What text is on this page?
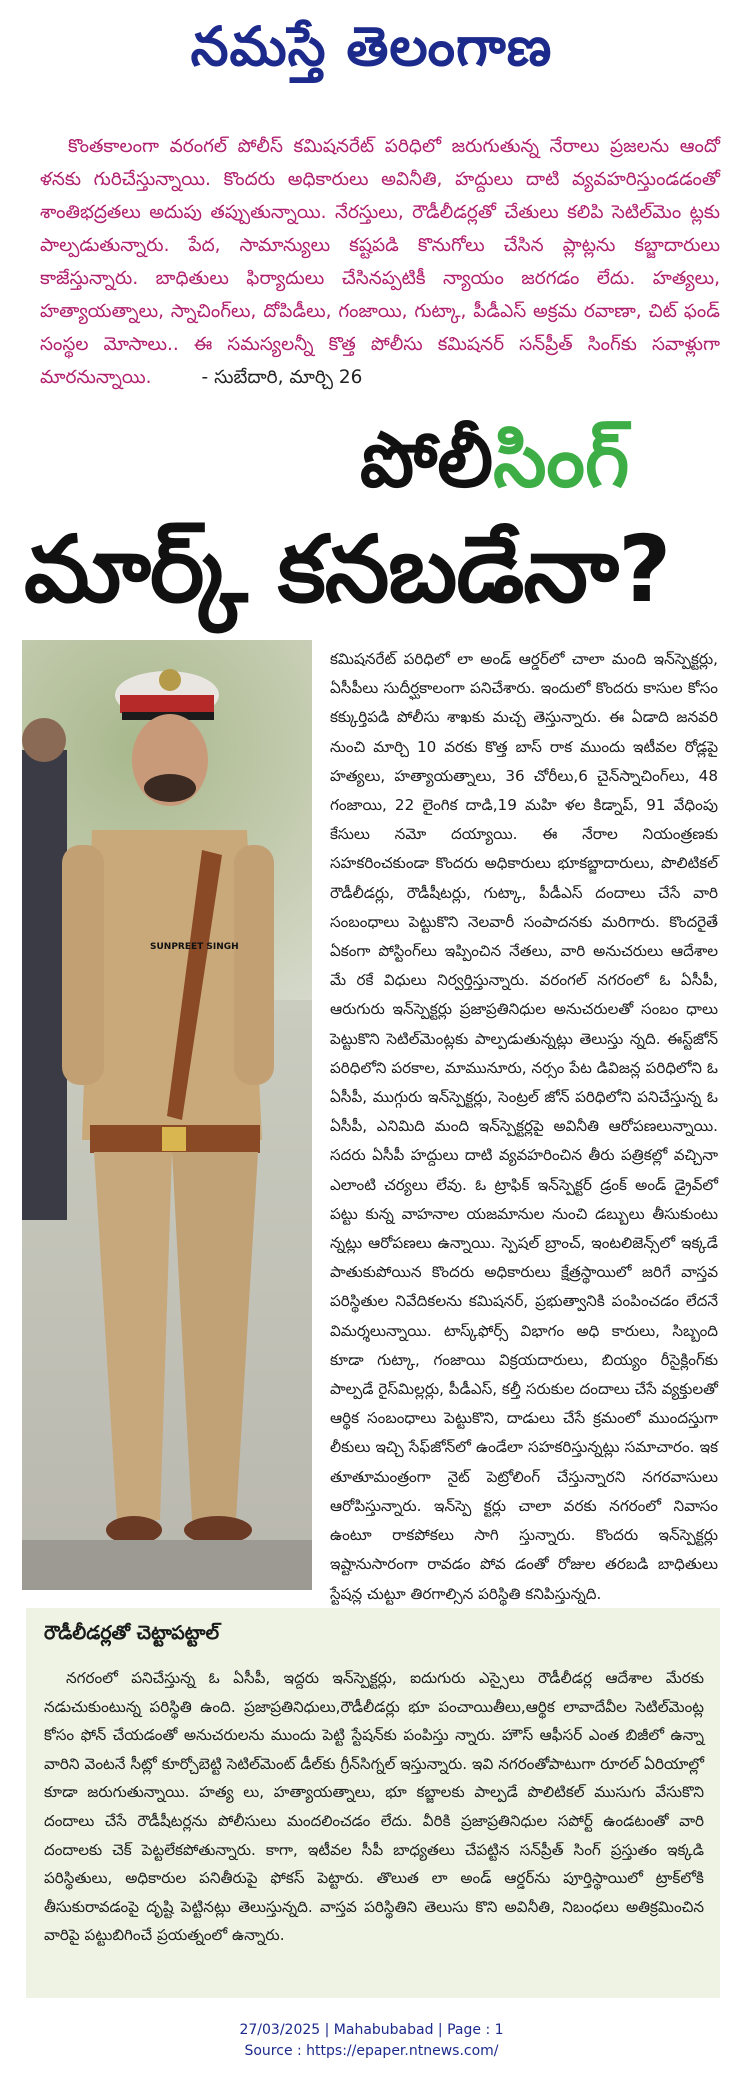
నమస్తే తెలంగాణ
కొంతకాలంగా వరంగల్ పోలీస్ కమిషనరేట్ పరిధిలో జరుగుతున్న నేరాలు ప్రజలను ఆందో ళనకు గురిచేస్తున్నాయి. కొందరు అధికారులు అవినీతి, హద్దులు దాటి వ్యవహరిస్తుండడంతో శాంతిభద్రతలు అదుపు తప్పుతున్నాయి. నేరస్తులు, రౌడీలీడర్లతో చేతులు కలిపి సెటిల్‌మెం ట్లకు పాల్పడుతున్నారు. పేద, సామాన్యులు కష్టపడి కొనుగోలు చేసిన ప్లాట్లను కబ్జాదారులు కాజేస్తున్నారు. బాధితులు ఫిర్యాదులు చేసినప్పటికీ న్యాయం జరగడం లేదు. హత్యలు, హత్యాయత్నాలు, స్నాచింగ్‌లు, దోపిడీలు, గంజాయి, గుట్కా, పీడీఎస్ అక్రమ రవాణా, చిట్ ఫండ్ సంస్థల మోసాలు.. ఈ సమస్యలన్నీ కొత్త పోలీసు కమిషనర్ సన్‌ప్రీత్ సింగ్‌కు సవాళ్లుగా మారనున్నాయి.	- సుబేదారి, మార్చి 26
పోలీసింగ్
మార్క్ కనబడేనా?
SUNPREET SINGH
కమిషనరేట్ పరిధిలో లా అండ్ ఆర్డర్‌లో చాలా మంది ఇన్‌స్పెక్టర్లు, ఏసీపీలు సుదీర్ఘకాలంగా పనిచేశారు. ఇందులో కొందరు కాసుల కోసం కక్కుర్తిపడి పోలీసు శాఖకు మచ్చ తెస్తున్నారు. ఈ ఏడాది జనవరి నుంచి మార్చి 10 వరకు కొత్త బాస్ రాక ముందు ఇటీవల రోడ్లపై హత్యలు, హత్యాయత్నాలు, 36 చోరీలు,6 చైన్‌స్నాచింగ్‌లు, 48 గంజాయి, 22 లైంగిక దాడి,19 మహి ళల కిడ్నాప్, 91 వేధింపు కేసులు నమో దయ్యాయి. ఈ నేరాల నియంత్రణకు సహకరించకుండా కొందరు అధికారులు భూకబ్జాదారులు, పొలిటికల్ రౌడీలీడర్లు, రౌడీషీటర్లు, గుట్కా, పీడీఎస్ దందాలు చేసే వారి సంబంధాలు పెట్టుకొని నెలవారీ సంపాదనకు మరిగారు. కొందరైతే ఏకంగా పోస్టింగ్‌లు ఇప్పించిన నేతలు, వారి అనుచరులు ఆదేశాల మే రకే విధులు నిర్వర్తిస్తున్నారు. వరంగల్ నగరంలో ఓ ఏసీపీ, ఆరుగురు ఇన్‌స్పెక్టర్లు ప్రజాప్రతినిధుల అనుచరులతో సంబం ధాలు పెట్టుకొని సెటిల్‌మెంట్లకు పాల్పడుతున్నట్లు తెలుస్తు న్నది. ఈస్ట్‌జోన్ పరిధిలోని పరకాల, మామునూరు, నర్సం పేట డివిజన్ల పరిధిలోని ఓ ఏసీపీ, ముగ్గురు ఇన్‌స్పెక్టర్లు, సెంట్రల్ జోన్ పరిధిలోని పనిచేస్తున్న ఓ ఏసీపీ, ఎనిమిది మంది ఇన్‌స్పెక్టర్లపై అవినీతి ఆరోపణలున్నాయి. సదరు ఏసీపీ హద్దులు దాటి వ్యవహరించిన తీరు పత్రికల్లో వచ్చినా ఎలాంటి చర్యలు లేవు. ఓ ట్రాఫిక్ ఇన్‌స్పెక్టర్ డ్రంక్ అండ్ డ్రైవ్‌లో పట్టు కున్న వాహనాల యజమానుల నుంచి డబ్బులు తీసుకుంటు న్నట్లు ఆరోపణలు ఉన్నాయి. స్పెషల్ బ్రాంచ్, ఇంటలిజెన్స్‌లో ఇక్కడే పాతుకుపోయిన కొందరు అధికారులు క్షేత్రస్థాయిలో జరిగే వాస్తవ పరిస్థితుల నివేదికలను కమిషనర్, ప్రభుత్వానికి పంపించడం లేదనే విమర్శలున్నాయి. టాస్క్‌ఫోర్స్ విభాగం అధి కారులు, సిబ్బంది కూడా గుట్కా, గంజాయి విక్రయదారులు, బియ్యం రీసైక్లింగ్‌కు పాల్పడే రైస్‌మిల్లర్లు, పీడీఎస్, కల్తీ సరుకుల దందాలు చేసే వ్యక్తులతో ఆర్థిక సంబంధాలు పెట్టుకొని, దాడులు చేసే క్రమంలో ముందస్తుగా లీకులు ఇచ్చి సేఫ్‌జోన్‌లో ఉండేలా సహకరిస్తున్నట్లు సమాచారం. ఇక తూతూమంత్రంగా నైట్ పెట్రోలింగ్ చేస్తున్నారని నగరవాసులు ఆరోపిస్తున్నారు. ఇన్‌స్పె క్టర్లు చాలా వరకు నగరంలో నివాసం ఉంటూ రాకపోకలు సాగి స్తున్నారు. కొందరు ఇన్‌స్పెక్టర్లు ఇష్టానుసారంగా రావడం పోవ డంతో రోజుల తరబడి బాధితులు స్టేషన్ల చుట్టూ తిరగాల్సిన పరిస్థితి కనిపిస్తున్నది.
రౌడీలీడర్లతో చెట్టాపట్టాల్
నగరంలో పనిచేస్తున్న ఓ ఏసీపీ, ఇద్దరు ఇన్‌స్పెక్టర్లు, ఐదుగురు ఎస్సైలు రౌడీలీడర్ల ఆదేశాల మేరకు నడుచుకుంటున్న పరిస్థితి ఉంది. ప్రజాప్రతినిధులు,రౌడీలీడర్లు భూ పంచాయితీలు,ఆర్థిక లావాదేవీల సెటిల్‌మెంట్ల కోసం ఫోన్ చేయడంతో అనుచరులను ముందు పెట్టి స్టేషన్‌కు పంపిస్తు న్నారు. హౌస్ ఆఫీసర్ ఎంత బిజీలో ఉన్నా వారిని వెంటనే సీట్లో కూర్చోబెట్టి సెటిల్‌మెంట్ డీల్‌కు గ్రీన్‌సిగ్నల్ ఇస్తున్నారు. ఇవి నగరంతోపాటుగా రూరల్ ఏరియాల్లో కూడా జరుగుతున్నాయి. హత్య లు, హత్యాయత్నాలు, భూ కబ్జాలకు పాల్పడే పొలిటికల్ ముసుగు వేసుకొని దందాలు చేసే రౌడీషీటర్లను పోలీసులు మందలించడం లేదు. వీరికి ప్రజాప్రతినిధుల సపోర్ట్ ఉండటంతో వారి దందాలకు చెక్ పెట్టలేకపోతున్నారు. కాగా, ఇటీవల సీపీ బాధ్యతలు చేపట్టిన సన్‌ప్రీత్ సింగ్ ప్రస్తుతం ఇక్కడి పరిస్థితులు, అధికారుల పనితీరుపై ఫోకస్ పెట్టారు. తొలుత లా అండ్ ఆర్డర్‌ను పూర్తిస్థాయిలో ట్రాక్‌లోకి తీసుకురావడంపై దృష్టి పెట్టినట్లు తెలుస్తున్నది. వాస్తవ పరిస్థితిని తెలుసు కొని అవినీతి, నిబంధలు అతిక్రమించిన వారిపై పట్టుబిగించే ప్రయత్నంలో ఉన్నారు.
27/03/2025 | Mahabubabad | Page : 1
Source : https://epaper.ntnews.com/
